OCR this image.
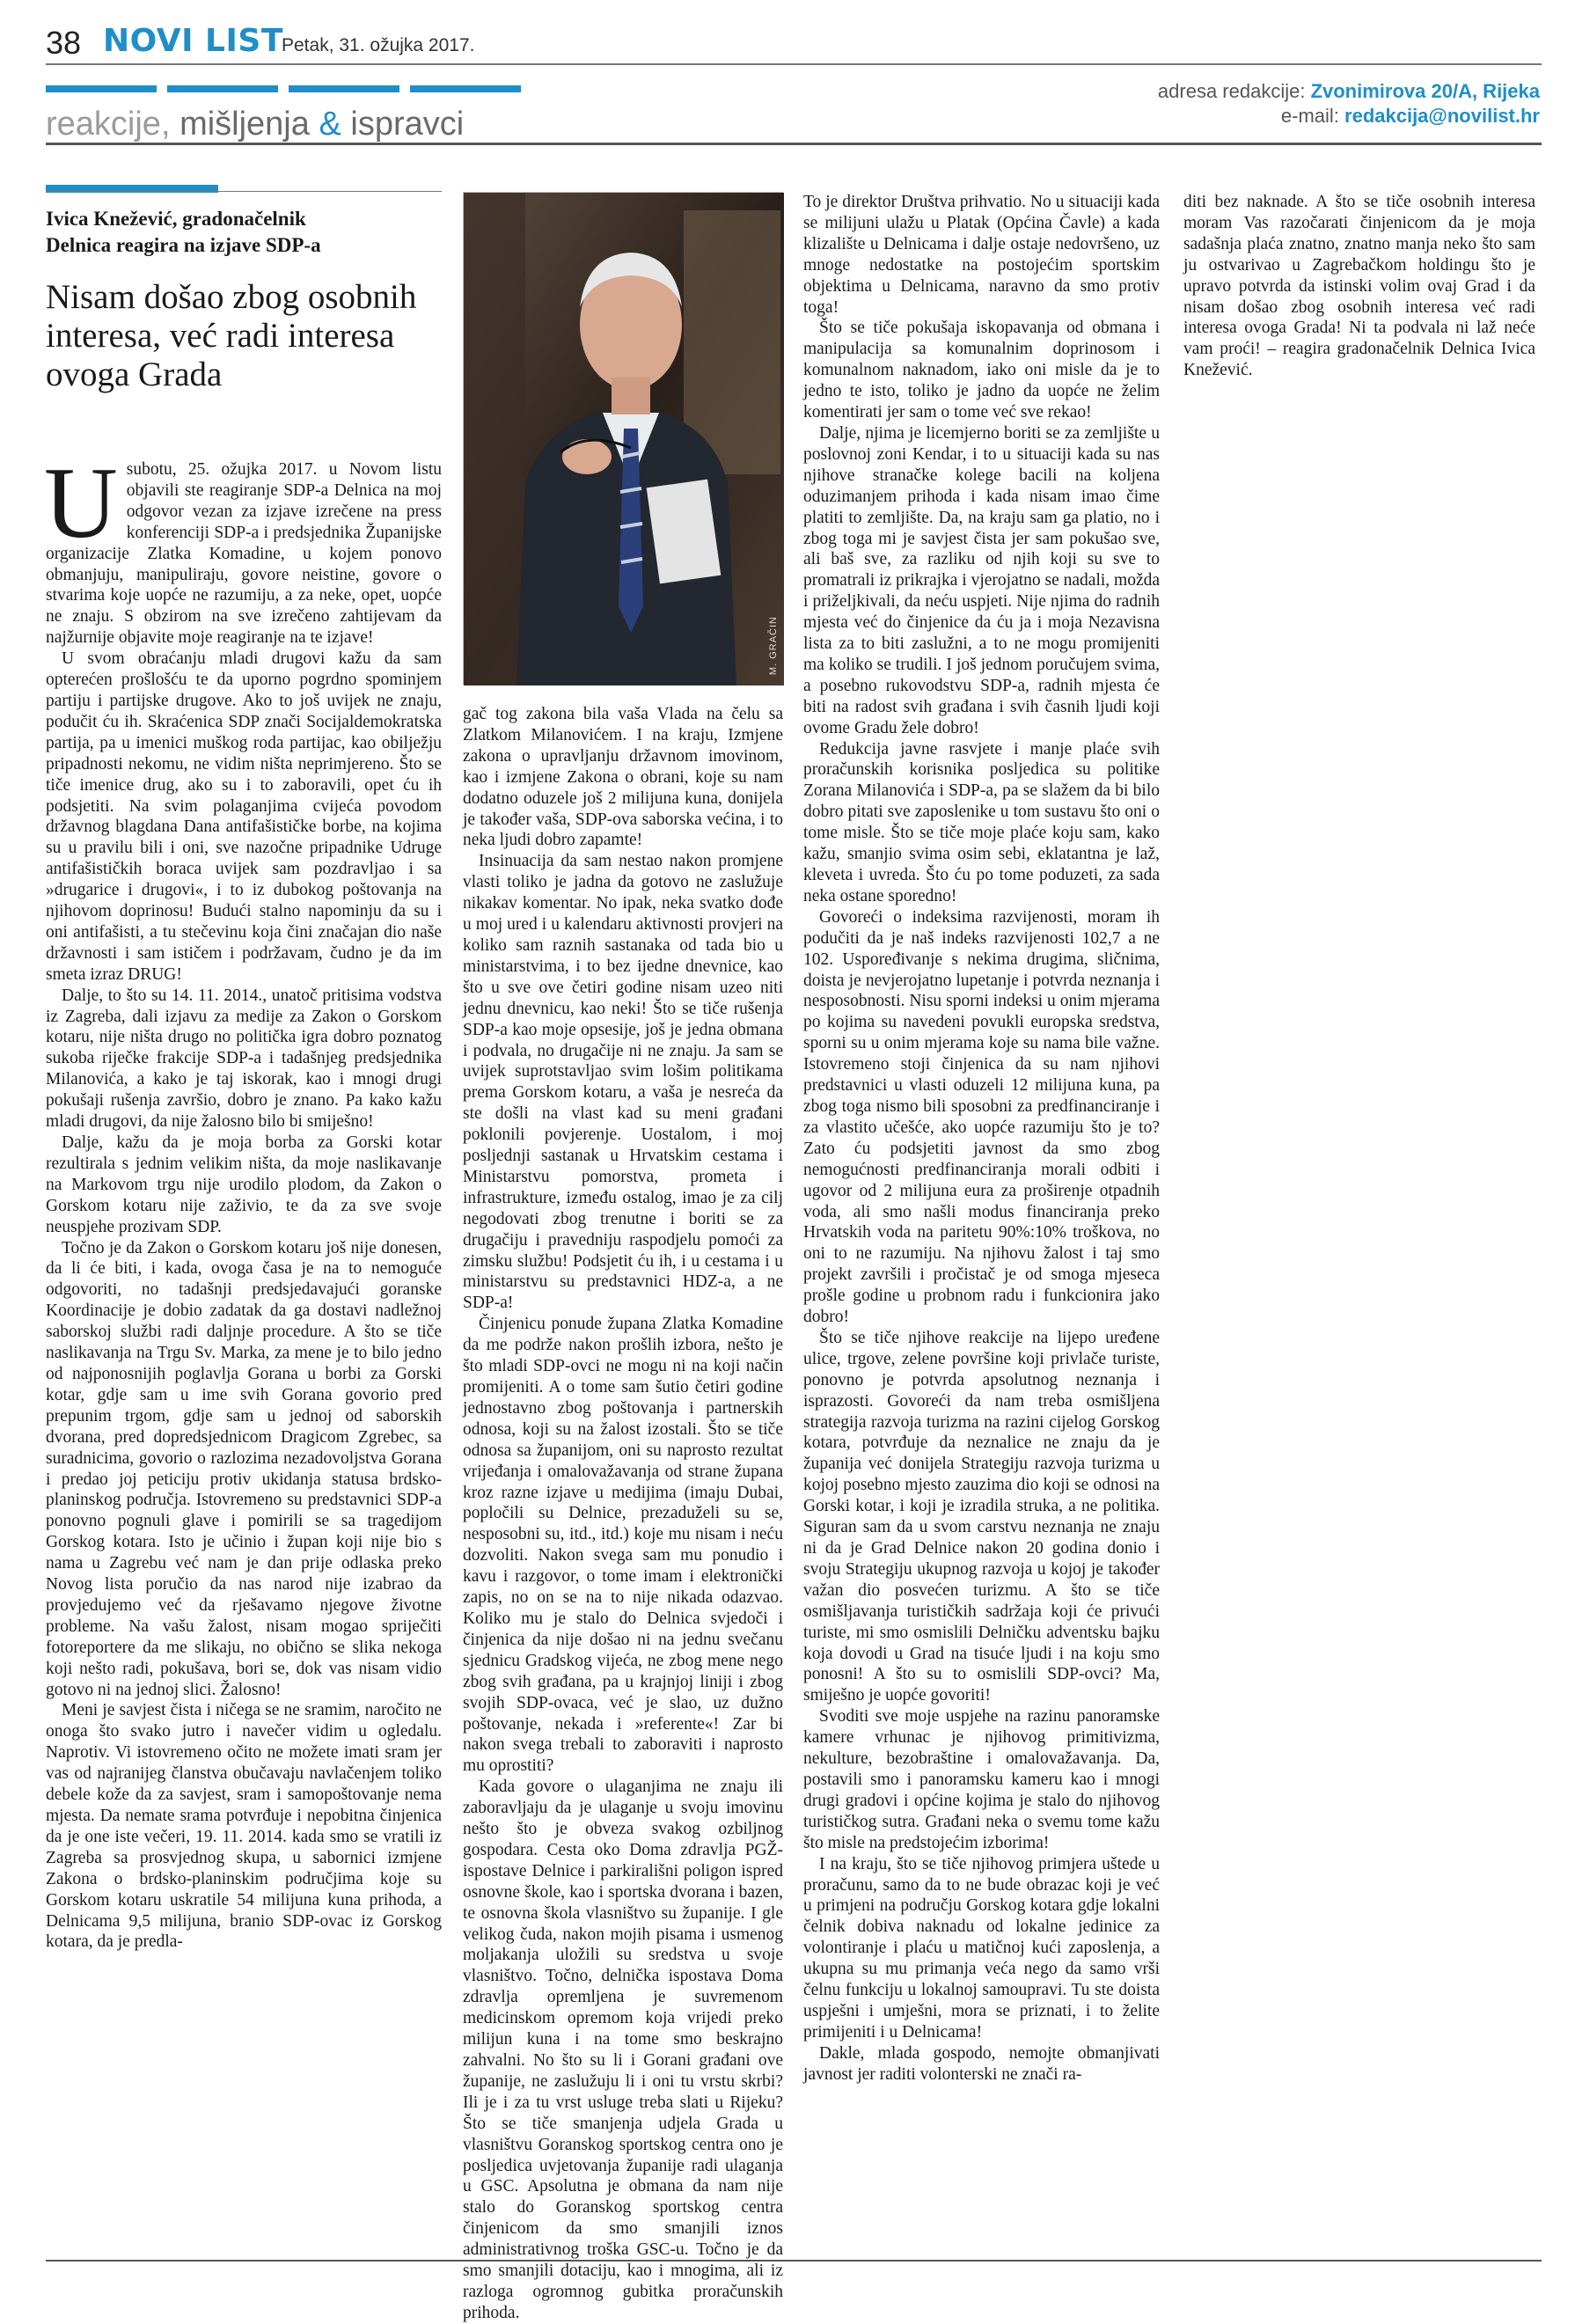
38 NOVI LIST
Petak, 31. ožujka 2017.
reakcije, mišljenja & ispravci
adresa redakcije: Zvonimirova 20/A, Rijeka
e-mail: redakcija@novilist.hr
Ivica Knežević, gradonačelnik
Delnica reagira na izjave SDP-a
Nisam došao zbog osobnih interesa, već radi interesa ovoga Grada
M. GRAČIN
U subotu, 25. ožujka 2017. u Novom listu objavili ste reagiranje SDP-a Delnica na moj odgovor vezan za izjave izrečene na press konferenciji SDP-a i predsjednika Županijske organizacije Zlatka Komadine, u kojem ponovo obmanjuju, manipuliraju, govore neistine, govore o stvarima koje uopće ne razumiju, a za neke, opet, uopće ne znaju. S obzirom na sve izrečeno zahtijevam da najžurnije objavite moje reagiranje na te izjave!

U svom obraćanju mladi drugovi kažu da sam opterećen prošlošću te da uporno pogrdno spominjem partiju i partijske drugove. Ako to još uvijek ne znaju, podučit ću ih. Skraćenica SDP znači Socijaldemokratska partija, pa u imenici muškog roda partijac, kao obilježju pripadnosti nekomu, ne vidim ništa neprimjereno. Što se tiče imenice drug, ako su i to zaboravili, opet ću ih podsjetiti. Na svim polaganjima cvijeća povodom državnog blagdana Dana antifašističke borbe, na kojima su u pravilu bili i oni, sve nazočne pripadnike Udruge antifašističkih boraca uvijek sam pozdravljao i sa »drugarice i drugovi«, i to iz dubokog poštovanja na njihovom doprinosu! Budući stalno napominju da su i oni antifašisti, a tu stečevinu koja čini značajan dio naše državnosti i sam ističem i podržavam, čudno je da im smeta izraz DRUG!

Dalje, to što su 14. 11. 2014., unatoč pritisima vodstva iz Zagreba, dali izjavu za medije za Zakon o Gorskom kotaru, nije ništa drugo no politička igra dobro poznatog sukoba riječke frakcije SDP-a i tadašnjeg predsjednika Milanovića, a kako je taj iskorak, kao i mnogi drugi pokušaji rušenja završio, dobro je znano. Pa kako kažu mladi drugovi, da nije žalosno bilo bi smiješno!

Dalje, kažu da je moja borba za Gorski kotar rezultirala s jednim velikim ništa, da moje naslikavanje na Markovom trgu nije urodilo plodom, da Zakon o Gorskom kotaru nije zaživio, te da za sve svoje neuspjehe prozivam SDP.

Točno je da Zakon o Gorskom kotaru još nije donesen, da li će biti, i kada, ovoga časa je na to nemoguće odgovoriti, no tadašnji predsjedavajući goranske Koordinacije je dobio zadatak da ga dostavi nadležnoj saborskoj službi radi daljnje procedure. A što se tiče naslikavanja na Trgu Sv. Marka, za mene je to bilo jedno od najponosnijih poglavlja Gorana u borbi za Gorski kotar, gdje sam u ime svih Gorana govorio pred prepunim trgom, gdje sam u jednoj od saborskih dvorana, pred dopredsjednicom Dragicom Zgrebec, sa suradnicima, govorio o razlozima nezadovoljstva Gorana i predao joj peticiju protiv ukidanja statusa brdsko-planinskog područja. Istovremeno su predstavnici SDP-a ponovno pognuli glave i pomirili se sa tragedijom Gorskog kotara. Isto je učinio i župan koji nije bio s nama u Zagrebu već nam je dan prije odlaska preko Novog lista poručio da nas narod nije izabrao da provjedujemo već da rješavamo njegove životne probleme. Na vašu žalost, nisam mogao spriječiti fotoreportere da me slikaju, no obično se slika nekoga koji nešto radi, pokušava, bori se, dok vas nisam vidio gotovo ni na jednoj slici. Žalosno!

Meni je savjest čista i ničega se ne sramim, naročito ne onoga što svako jutro i navečer vidim u ogledalu. Naprotiv. Vi istovremeno očito ne možete imati sram jer vas od najranijeg članstva obučavaju navlačenjem toliko debele kože da za savjest, sram i samopoštovanje nema mjesta. Da nemate srama potvrđuje i nepobitna činjenica da je one iste večeri, 19. 11. 2014. kada smo se vratili iz Zagreba sa prosvjednog skupa, u sabornici izmjene Zakona o brdsko-planinskim područjima koje su Gorskom kotaru uskratile 54 milijuna kuna prihoda, a Delnicama 9,5 milijuna, branio SDP-ovac iz Gorskog kotara, da je predla-

gač tog zakona bila vaša Vlada na čelu sa Zlatkom Milanovićem. I na kraju, Izmjene zakona o upravljanju državnom imovinom, kao i izmjene Zakona o obrani, koje su nam dodatno oduzele još 2 milijuna kuna, donijela je također vaša, SDP-ova saborska većina, i to neka ljudi dobro zapamte!

Insinuacija da sam nestao nakon promjene vlasti toliko je jadna da gotovo ne zaslužuje nikakav komentar. No ipak, neka svatko dođe u moj ured i u kalendaru aktivnosti provjeri na koliko sam raznih sastanaka od tada bio u ministarstvima, i to bez ijedne dnevnice, kao što u sve ove četiri godine nisam uzeo niti jednu dnevnicu, kao neki! Što se tiče rušenja SDP-a kao moje opsesije, još je jedna obmana i podvala, no drugačije ni ne znaju. Ja sam se uvijek suprotstavljao svim lošim politikama prema Gorskom kotaru, a vaša je nesreća da ste došli na vlast kad su meni građani poklonili povjerenje. Uostalom, i moj posljednji sastanak u Hrvatskim cestama i Ministarstvu pomorstva, prometa i infrastrukture, između ostalog, imao je za cilj negodovati zbog trenutne i boriti se za drugačiju i pravedniju raspodjelu pomoći za zimsku službu! Podsjetit ću ih, i u cestama i u ministarstvu su predstavnici HDZ-a, a ne SDP-a!

Činjenicu ponude župana Zlatka Komadine da me podrže nakon prošlih izbora, nešto je što mladi SDP-ovci ne mogu ni na koji način promijeniti. A o tome sam šutio četiri godine jednostavno zbog poštovanja i partnerskih odnosa, koji su na žalost izostali. Što se tiče odnosa sa županijom, oni su naprosto rezultat vrijeđanja i omalovažavanja od strane župana kroz razne izjave u medijima (imaju Dubai, popločili su Delnice, prezaduželi su se, nesposobni su, itd., itd.) koje mu nisam i neću dozvoliti. Nakon svega sam mu ponudio i kavu i razgovor, o tome imam i elektronički zapis, no on se na to nije nikada odazvao. Koliko mu je stalo do Delnica svjedoči i činjenica da nije došao ni na jednu svečanu sjednicu Gradskog vijeća, ne zbog mene nego zbog svih građana, pa u krajnjoj liniji i zbog svojih SDP-ovaca, već je slao, uz dužno poštovanje, nekada i »referente«! Zar bi nakon svega trebali to zaboraviti i naprosto mu oprostiti?

Kada govore o ulaganjima ne znaju ili zaboravljaju da je ulaganje u svoju imovinu nešto što je obveza svakog ozbiljnog gospodara. Cesta oko Doma zdravlja PGŽ-ispostave Delnice i parkirališni poligon ispred osnovne škole, kao i sportska dvorana i bazen, te osnovna škola vlasništvo su županije. I gle velikog čuda, nakon mojih pisama i usmenog moljakanja uložili su sredstva u svoje vlasništvo. Točno, delnička ispostava Doma zdravlja opremljena je suvremenom medicinskom opremom koja vrijedi preko milijun kuna i na tome smo beskrajno zahvalni. No što su li i Gorani građani ove županije, ne zaslužuju li i oni tu vrstu skrbi? Ili je i za tu vrst usluge treba slati u Rijeku? Što se tiče smanjenja udjela Grada u vlasništvu Goranskog sportskog centra ono je posljedica uvjetovanja županije radi ulaganja u GSC. Apsolutna je obmana da nam nije stalo do Goranskog sportskog centra činjenicom da smo smanjili iznos administrativnog troška GSC-u. Točno je da smo smanjili dotaciju, kao i mnogima, ali iz razloga ogromnog gubitka proračunskih prihoda.

To je direktor Društva prihvatio. No u situaciji kada se milijuni ulažu u Platak (Općina Čavle) a kada klizalište u Delnicama i dalje ostaje nedovršeno, uz mnoge nedostatke na postojećim sportskim objektima u Delnicama, naravno da smo protiv toga!

Što se tiče pokušaja iskopavanja od obmana i manipulacija sa komunalnim doprinosom i komunalnom naknadom, iako oni misle da je to jedno te isto, toliko je jadno da uopće ne želim komentirati jer sam o tome već sve rekao!

Dalje, njima je licemjerno boriti se za zemljište u poslovnoj zoni Kendar, i to u situaciji kada su nas njihove stranačke kolege bacili na koljena oduzimanjem prihoda i kada nisam imao čime platiti to zemljište. Da, na kraju sam ga platio, no i zbog toga mi je savjest čista jer sam pokušao sve, ali baš sve, za razliku od njih koji su sve to promatrali iz prikrajka i vjerojatno se nadali, možda i priželjkivali, da neću uspjeti. Nije njima do radnih mjesta već do činjenice da ću ja i moja Nezavisna lista za to biti zaslužni, a to ne mogu promijeniti ma koliko se trudili. I još jednom poručujem svima, a posebno rukovodstvu SDP-a, radnih mjesta će biti na radost svih građana i svih časnih ljudi koji ovome Gradu žele dobro!

Redukcija javne rasvjete i manje plaće svih proračunskih korisnika posljedica su politike Zorana Milanovića i SDP-a, pa se slažem da bi bilo dobro pitati sve zaposlenike u tom sustavu što oni o tome misle. Što se tiče moje plaće koju sam, kako kažu, smanjio svima osim sebi, eklatantna je laž, kleveta i uvreda. Što ću po tome poduzeti, za sada neka ostane sporedno!

Govoreći o indeksima razvijenosti, moram ih podučiti da je naš indeks razvijenosti 102,7 a ne 102. Uspoređivanje s nekima drugima, sličnima, doista je nevjerojatno lupetanje i potvrda neznanja i nesposobnosti. Nisu sporni indeksi u onim mjerama po kojima su navedeni povukli europska sredstva, sporni su u onim mjerama koje su nama bile važne. Istovremeno stoji činjenica da su nam njihovi predstavnici u vlasti oduzeli 12 milijuna kuna, pa zbog toga nismo bili sposobni za predfinanciranje i za vlastito učešće, ako uopće razumiju što je to? Zato ću podsjetiti javnost da smo zbog nemogućnosti predfinanciranja morali odbiti i ugovor od 2 milijuna eura za proširenje otpadnih voda, ali smo našli modus financiranja preko Hrvatskih voda na paritetu 90%:10% troškova, no oni to ne razumiju. Na njihovu žalost i taj smo projekt završili i pročistač je od smoga mjeseca prošle godine u probnom radu i funkcionira jako dobro!

Što se tiče njihove reakcije na lijepo uređene ulice, trgove, zelene površine koji privlače turiste, ponovno je potvrda apsolutnog neznanja i isprazosti. Govoreći da nam treba osmišljena strategija razvoja turizma na razini cijelog Gorskog kotara, potvrđuje da neznalice ne znaju da je županija već donijela Strategiju razvoja turizma u kojoj posebno mjesto zauzima dio koji se odnosi na Gorski kotar, i koji je izradila struka, a ne politika. Siguran sam da u svom carstvu neznanja ne znaju ni da je Grad Delnice nakon 20 godina donio i svoju Strategiju ukupnog razvoja u kojoj je također važan dio posvećen turizmu. A što se tiče osmišljavanja turističkih sadržaja koji će privući turiste, mi smo osmislili Delničku adventsku bajku koja dovodi u Grad na tisuće ljudi i na koju smo ponosni! A što su to osmislili SDP-ovci? Ma, smiješno je uopće govoriti!

Svoditi sve moje uspjehe na razinu panoramske kamere vrhunac je njihovog primitivizma, nekulture, bezobraštine i omalovažavanja. Da, postavili smo i panoramsku kameru kao i mnogi drugi gradovi i općine kojima je stalo do njihovog turističkog sutra. Građani neka o svemu tome kažu što misle na predstojećim izborima!

I na kraju, što se tiče njihovog primjera uštede u proračunu, samo da to ne bude obrazac koji je već u primjeni na području Gorskog kotara gdje lokalni čelnik dobiva naknadu od lokalne jedinice za volontiranje i plaću u matičnoj kući zaposlenja, a ukupna su mu primanja veća nego da samo vrši čelnu funkciju u lokalnoj samoupravi. Tu ste doista uspješni i umješni, mora se priznati, i to želite primijeniti i u Delnicama!

Dakle, mlada gospodo, nemojte obmanjivati javnost jer raditi volonterski ne znači ra-

diti bez naknade. A što se tiče osobnih interesa moram Vas razočarati činjenicom da je moja sadašnja plaća znatno, znatno manja neko što sam ju ostvarivao u Zagrebačkom holdingu što je upravo potvrda da istinski volim ovaj Grad i da nisam došao zbog osobnih interesa već radi interesa ovoga Grada! Ni ta podvala ni laž neće vam proći! – reagira gradonačelnik Delnica Ivica Knežević.
